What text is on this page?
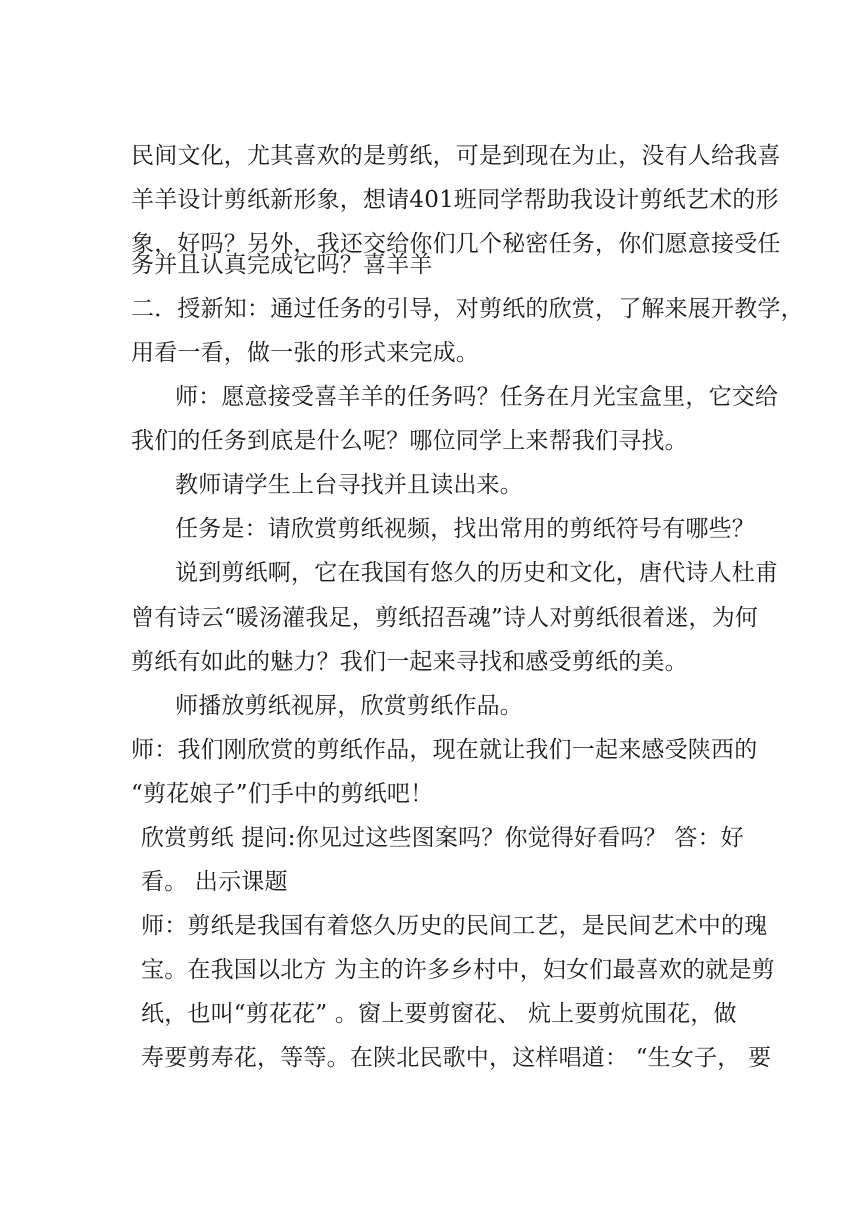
民间文化，尤其喜欢的是剪纸，可是到现在为止，没有人给我喜

羊羊设计剪纸新形象，想请401班同学帮助我设计剪纸艺术的形

象，好吗？另外，我还交给你们几个秘密任务，你们愿意接受任

务并且认真完成它吗？喜羊羊

二．授新知：通过任务的引导，对剪纸的欣赏，了解来展开教学，

用看一看，做一张的形式来完成。

师：愿意接受喜羊羊的任务吗？任务在月光宝盒里，它交给

我们的任务到底是什么呢？哪位同学上来帮我们寻找。

教师请学生上台寻找并且读出来。

任务是：请欣赏剪纸视频，找出常用的剪纸符号有哪些？

说到剪纸啊，它在我国有悠久的历史和文化，唐代诗人杜甫

曾有诗云“暖汤灌我足，剪纸招吾魂”诗人对剪纸很着迷，为何

剪纸有如此的魅力？我们一起来寻找和感受剪纸的美。

师播放剪纸视屏，欣赏剪纸作品。

师：我们刚欣赏的剪纸作品，现在就让我们一起来感受陕西的

“剪花娘子”们手中的剪纸吧！

欣赏剪纸 提问:你见过这些图案吗？你觉得好看吗？ 答：好

看。 出示课题

师：剪纸是我国有着悠久历史的民间工艺，是民间艺术中的瑰

宝。在我国以北方 为主的许多乡村中，妇女们最喜欢的就是剪

纸，也叫“剪花花” 。窗上要剪窗花、 炕上要剪炕围花，做

寿要剪寿花，等等。在陕北民歌中，这样唱道： “生女子， 要
